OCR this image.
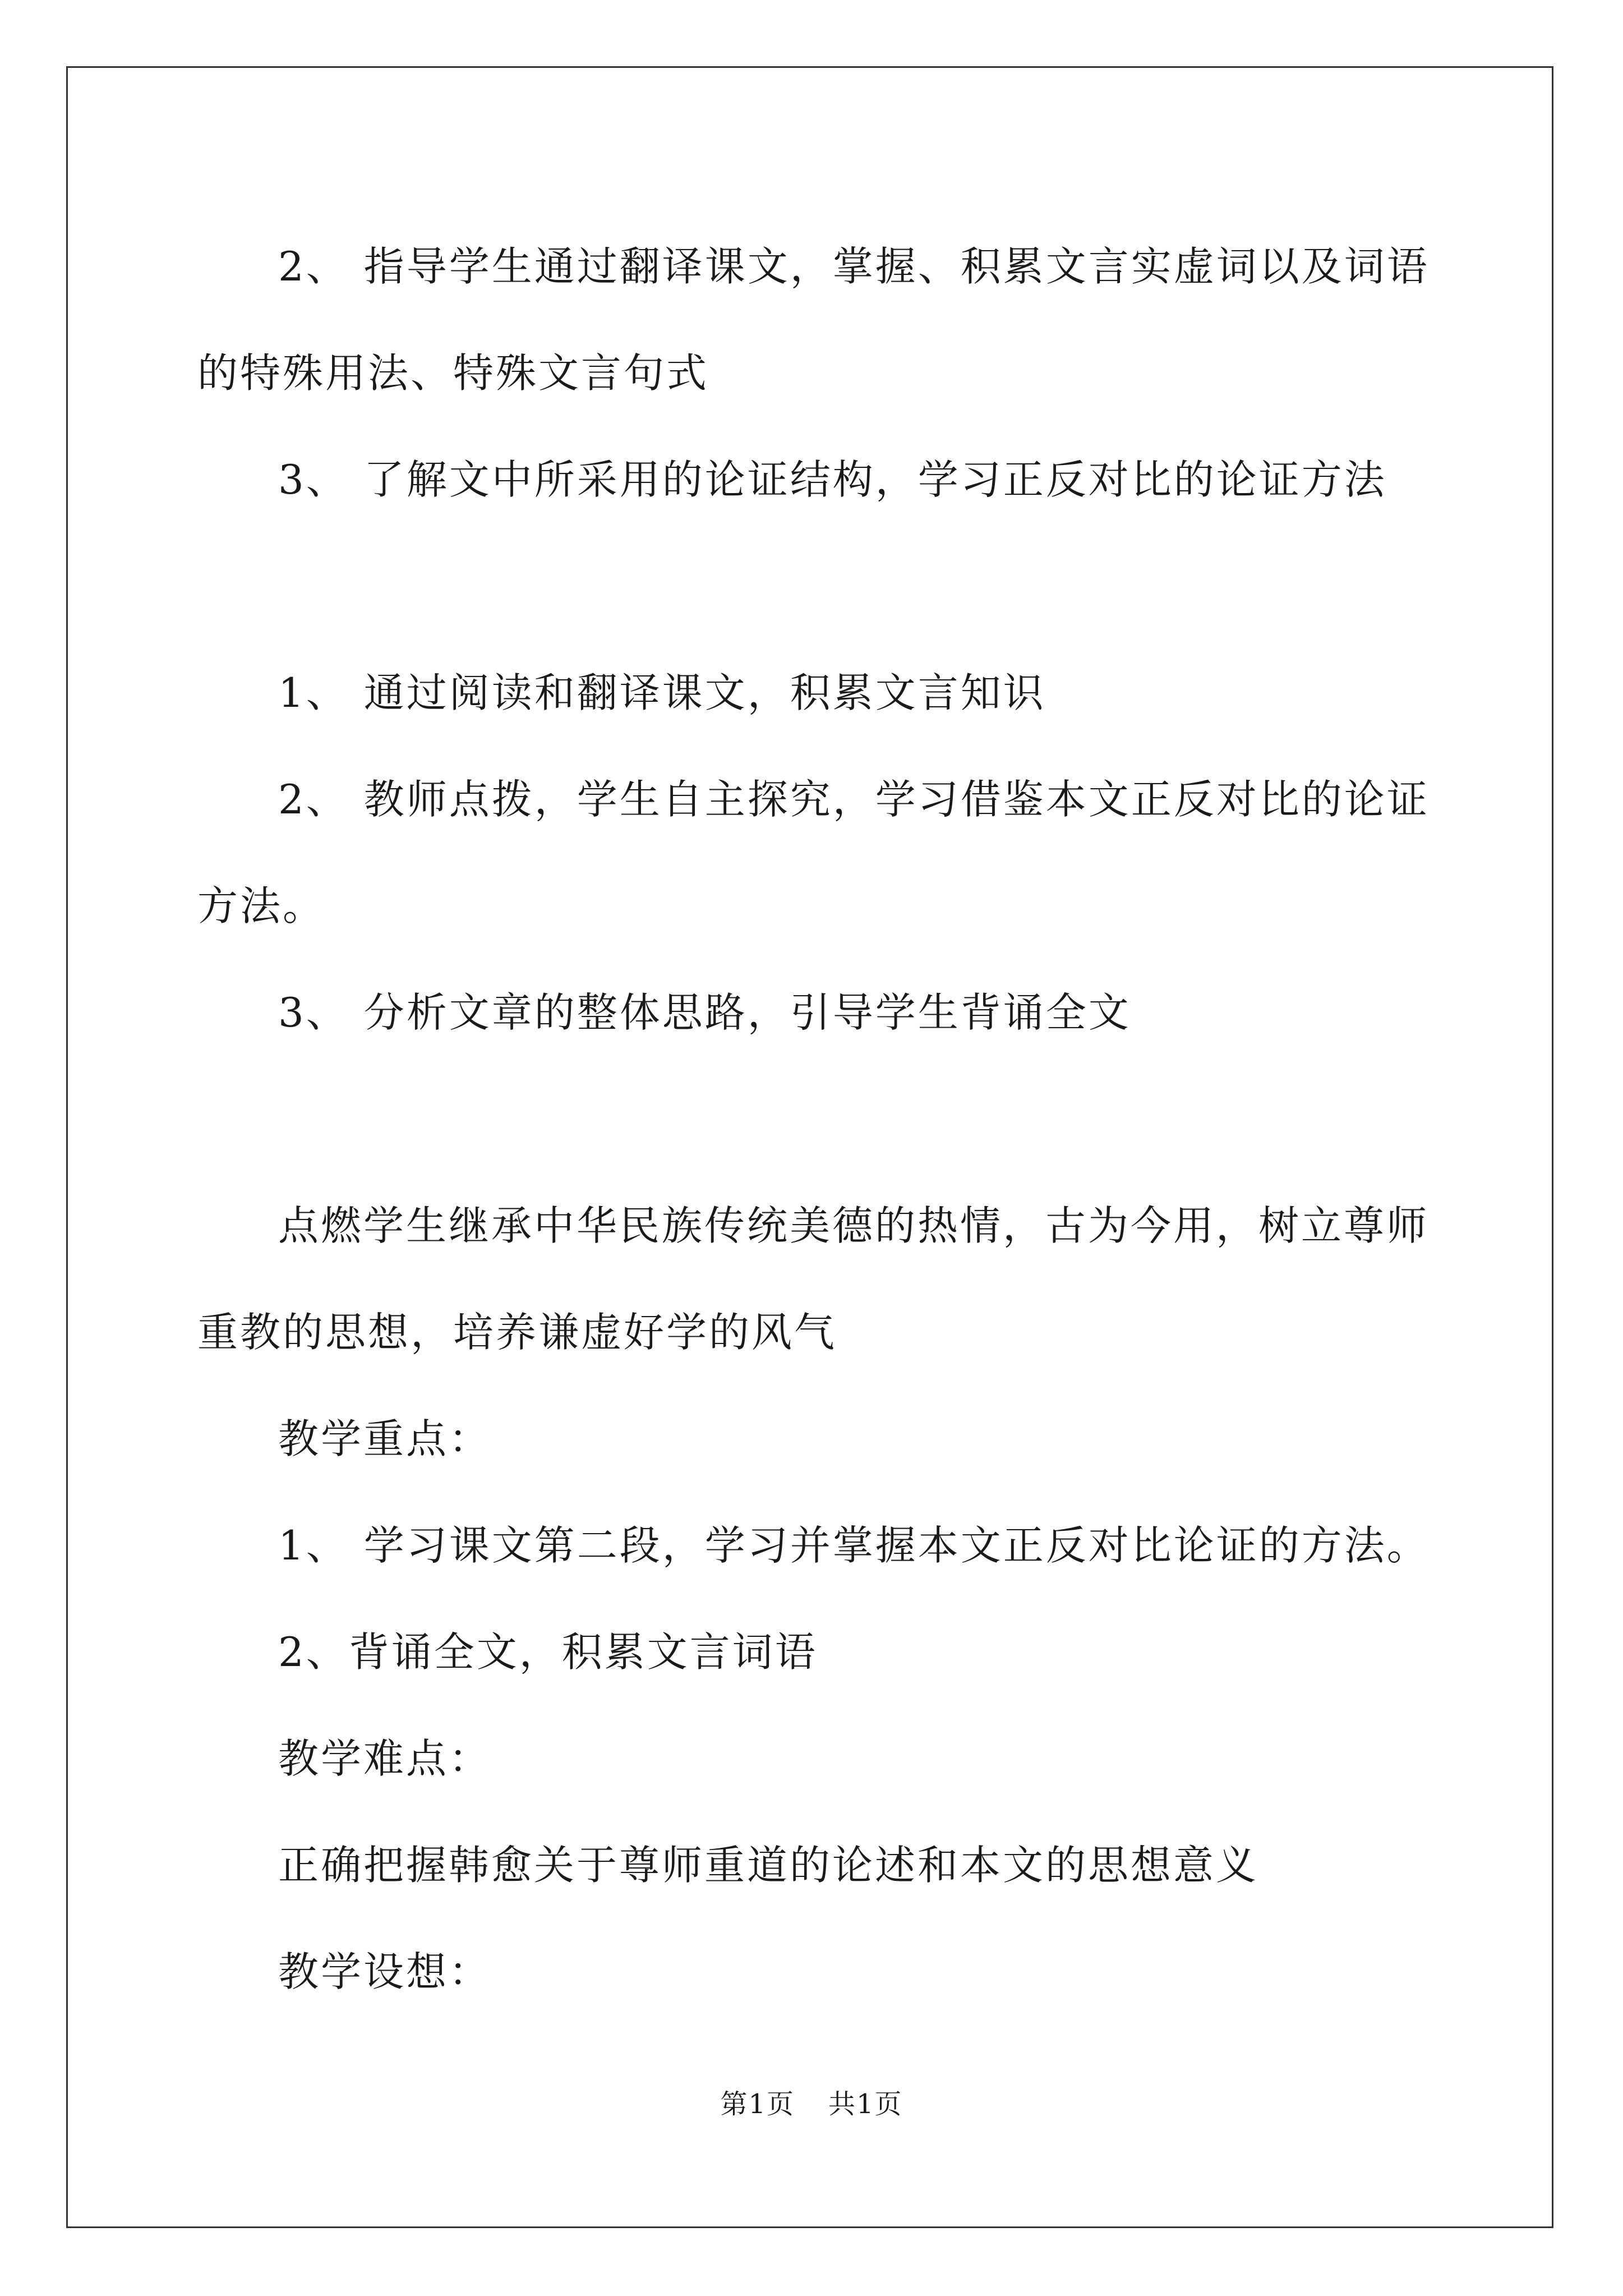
2、 指导学生通过翻译课文，掌握、积累文言实虚词以及词语的特殊用法、特殊文言句式

3、 了解文中所采用的论证结构，学习正反对比的论证方法

1、 通过阅读和翻译课文，积累文言知识

2、 教师点拨，学生自主探究，学习借鉴本文正反对比的论证方法。

3、 分析文章的整体思路，引导学生背诵全文

点燃学生继承中华民族传统美德的热情，古为今用，树立尊师重教的思想，培养谦虚好学的风气

教学重点：

1、 学习课文第二段，学习并掌握本文正反对比论证的方法。

2、背诵全文，积累文言词语

教学难点：

正确把握韩愈关于尊师重道的论述和本文的思想意义

教学设想：

第1页 共1页
